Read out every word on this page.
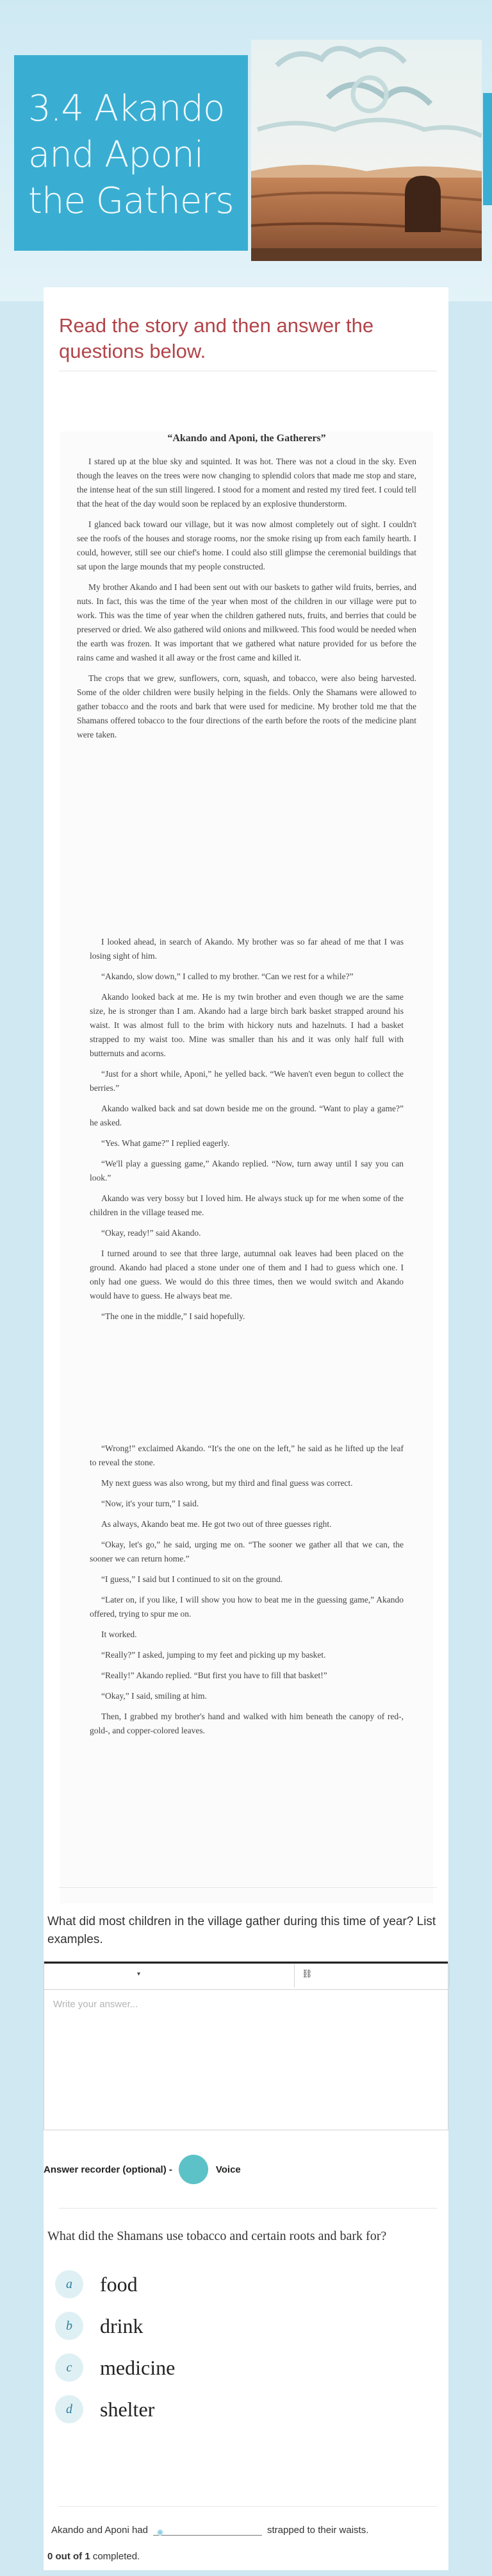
3.4 Akando and Aponi the Gathers
Read the story and then answer the questions below.

“Akando and Aponi, the Gatherers”

I stared up at the blue sky and squinted. It was hot. There was not a cloud in the sky. Even though the leaves on the trees were now changing to splendid colors that made me stop and stare, the intense heat of the sun still lingered. I stood for a moment and rested my tired feet. I could tell that the heat of the day would soon be replaced by an explosive thunderstorm.

I glanced back toward our village, but it was now almost completely out of sight. I couldn't see the roofs of the houses and storage rooms, nor the smoke rising up from each family hearth. I could, however, still see our chief's home. I could also still glimpse the ceremonial buildings that sat upon the large mounds that my people constructed.

My brother Akando and I had been sent out with our baskets to gather wild fruits, berries, and nuts. In fact, this was the time of the year when most of the children in our village were put to work. This was the time of year when the children gathered nuts, fruits, and berries that could be preserved or dried. We also gathered wild onions and milkweed. This food would be needed when the earth was frozen. It was important that we gathered what nature provided for us before the rains came and washed it all away or the frost came and killed it.

The crops that we grew, sunflowers, corn, squash, and tobacco, were also being harvested. Some of the older children were busily helping in the fields. Only the Shamans were allowed to gather tobacco and the roots and bark that were used for medicine. My brother told me that the Shamans offered tobacco to the four directions of the earth before the roots of the medicine plant were taken.

I looked ahead, in search of Akando. My brother was so far ahead of me that I was losing sight of him.

“Akando, slow down,” I called to my brother. “Can we rest for a while?”

Akando looked back at me. He is my twin brother and even though we are the same size, he is stronger than I am. Akando had a large birch bark basket strapped around his waist. It was almost full to the brim with hickory nuts and hazelnuts. I had a basket strapped to my waist too. Mine was smaller than his and it was only half full with butternuts and acorns.

“Just for a short while, Aponi,” he yelled back. “We haven't even begun to collect the berries.”

Akando walked back and sat down beside me on the ground. “Want to play a game?” he asked.

“Yes. What game?” I replied eagerly.

“We'll play a guessing game,” Akando replied. “Now, turn away until I say you can look.”

Akando was very bossy but I loved him. He always stuck up for me when some of the children in the village teased me.

“Okay, ready!” said Akando.

I turned around to see that three large, autumnal oak leaves had been placed on the ground. Akando had placed a stone under one of them and I had to guess which one. I only had one guess. We would do this three times, then we would switch and Akando would have to guess. He always beat me.

“The one in the middle,” I said hopefully.

“Wrong!” exclaimed Akando. “It's the one on the left,” he said as he lifted up the leaf to reveal the stone.

My next guess was also wrong, but my third and final guess was correct.

“Now, it's your turn,” I said.

As always, Akando beat me. He got two out of three guesses right.

“Okay, let's go,” he said, urging me on. “The sooner we gather all that we can, the sooner we can return home.”

“I guess,” I said but I continued to sit on the ground.

“Later on, if you like, I will show you how to beat me in the guessing game,” Akando offered, trying to spur me on.

It worked.

“Really?” I asked, jumping to my feet and picking up my basket.

“Really!” Akando replied. “But first you have to fill that basket!”

“Okay,” I said, smiling at him.

Then, I grabbed my brother's hand and walked with him beneath the canopy of red-, gold-, and copper-colored leaves.

What did most children in the village gather during this time of year? List examples.
▾	⛓
Write your answer...
Answer recorder (optional) -	Voice
What did the Shamans use tobacco and certain roots and bark for?
a	food
b	drink
c	medicine
d	shelter
Akando and Aponi had	strapped to their waists.
0 out of 1 completed.
